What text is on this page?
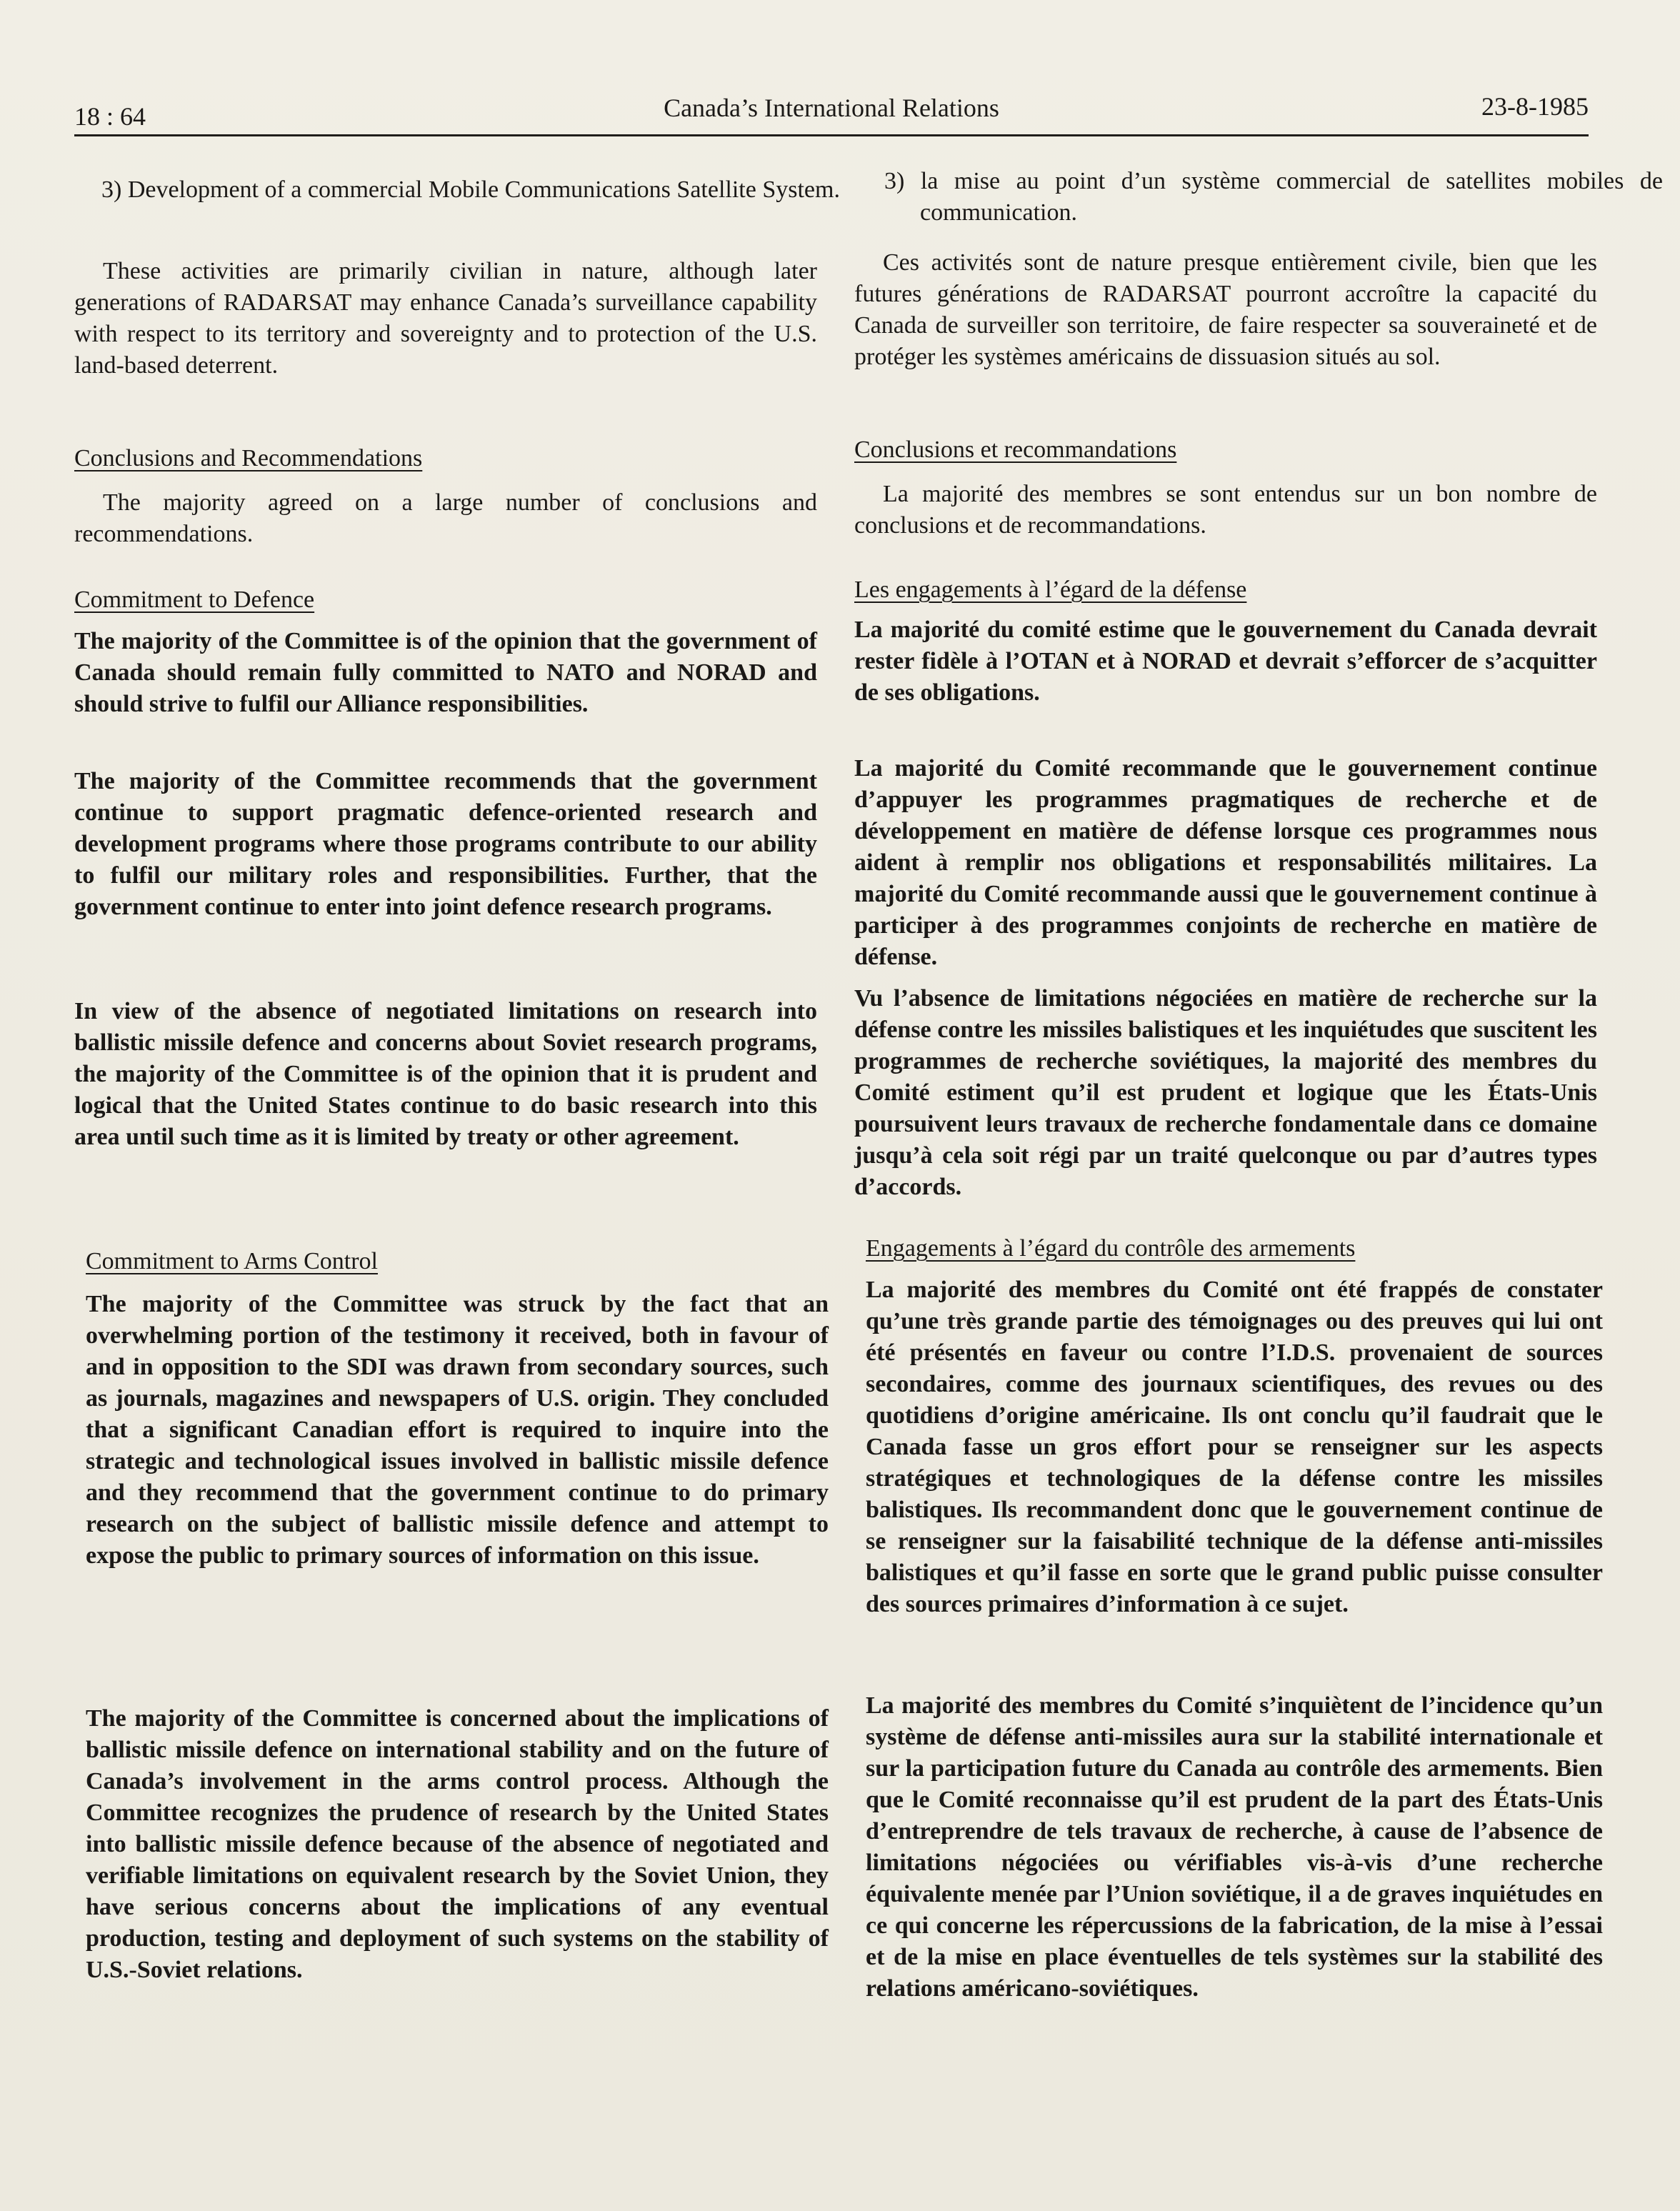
18 : 64	Canada’s International Relations	23-8-1985

3) Development of a commercial Mobile Communications Satellite System.

These activities are primarily civilian in nature, although later generations of RADARSAT may enhance Canada’s surveillance capability with respect to its territory and sovereignty and to protection of the U.S. land-based deterrent.

Conclusions and Recommendations

The majority agreed on a large number of conclusions and recommendations.

Commitment to Defence

The majority of the Committee is of the opinion that the government of Canada should remain fully committed to NATO and NORAD and should strive to fulfil our Alliance responsibilities.

The majority of the Committee recommends that the government continue to support pragmatic defence-oriented research and development programs where those programs contribute to our ability to fulfil our military roles and responsibilities. Further, that the government continue to enter into joint defence research programs.

In view of the absence of negotiated limitations on research into ballistic missile defence and concerns about Soviet research programs, the majority of the Committee is of the opinion that it is prudent and logical that the United States continue to do basic research into this area until such time as it is limited by treaty or other agreement.

Commitment to Arms Control

The majority of the Committee was struck by the fact that an overwhelming portion of the testimony it received, both in favour of and in opposition to the SDI was drawn from secondary sources, such as journals, magazines and newspapers of U.S. origin. They concluded that a significant Canadian effort is required to inquire into the strategic and technological issues involved in ballistic missile defence and they recommend that the government continue to do primary research on the subject of ballistic missile defence and attempt to expose the public to primary sources of information on this issue.

The majority of the Committee is concerned about the implications of ballistic missile defence on international stability and on the future of Canada’s involvement in the arms control process. Although the Committee recognizes the prudence of research by the United States into ballistic missile defence because of the absence of negotiated and verifiable limitations on equivalent research by the Soviet Union, they have serious concerns about the implications of any eventual production, testing and deployment of such systems on the stability of U.S.-Soviet relations.

3) la mise au point d’un système commercial de satellites mobiles de communication.

Ces activités sont de nature presque entièrement civile, bien que les futures générations de RADARSAT pourront accroître la capacité du Canada de surveiller son territoire, de faire respecter sa souveraineté et de protéger les systèmes américains de dissuasion situés au sol.

Conclusions et recommandations

La majorité des membres se sont entendus sur un bon nombre de conclusions et de recommandations.

Les engagements à l’égard de la défense

La majorité du comité estime que le gouvernement du Canada devrait rester fidèle à l’OTAN et à NORAD et devrait s’efforcer de s’acquitter de ses obligations.

La majorité du Comité recommande que le gouvernement continue d’appuyer les programmes pragmatiques de recherche et de développement en matière de défense lorsque ces programmes nous aident à remplir nos obligations et responsabilités militaires. La majorité du Comité recommande aussi que le gouvernement continue à participer à des programmes conjoints de recherche en matière de défense.

Vu l’absence de limitations négociées en matière de recherche sur la défense contre les missiles balistiques et les inquiétudes que suscitent les programmes de recherche soviétiques, la majorité des membres du Comité estiment qu’il est prudent et logique que les États-Unis poursuivent leurs travaux de recherche fondamentale dans ce domaine jusqu’à cela soit régi par un traité quelconque ou par d’autres types d’accords.

Engagements à l’égard du contrôle des armements

La majorité des membres du Comité ont été frappés de constater qu’une très grande partie des témoignages ou des preuves qui lui ont été présentés en faveur ou contre l’I.D.S. provenaient de sources secondaires, comme des journaux scientifiques, des revues ou des quotidiens d’origine américaine. Ils ont conclu qu’il faudrait que le Canada fasse un gros effort pour se renseigner sur les aspects stratégiques et technologiques de la défense contre les missiles balistiques. Ils recommandent donc que le gouvernement continue de se renseigner sur la faisabilité technique de la défense anti-missiles balistiques et qu’il fasse en sorte que le grand public puisse consulter des sources primaires d’information à ce sujet.

La majorité des membres du Comité s’inquiètent de l’incidence qu’un système de défense anti-missiles aura sur la stabilité internationale et sur la participation future du Canada au contrôle des armements. Bien que le Comité reconnaisse qu’il est prudent de la part des États-Unis d’entreprendre de tels travaux de recherche, à cause de l’absence de limitations négociées ou vérifiables vis-à-vis d’une recherche équivalente menée par l’Union soviétique, il a de graves inquiétudes en ce qui concerne les répercussions de la fabrication, de la mise à l’essai et de la mise en place éventuelles de tels systèmes sur la stabilité des relations américano-soviétiques.
